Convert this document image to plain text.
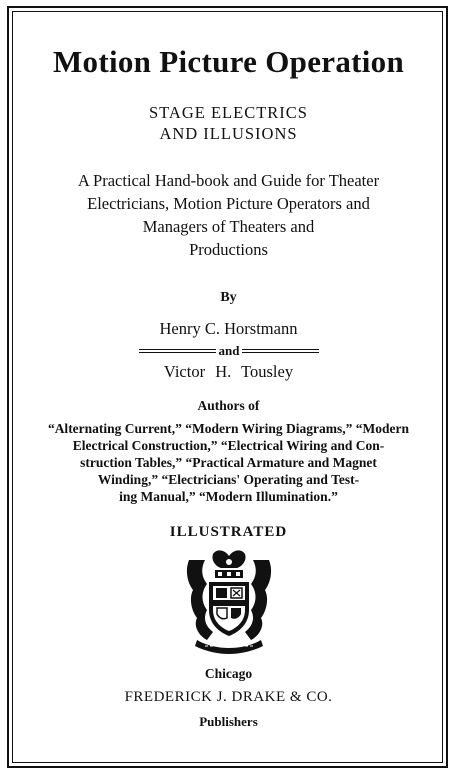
Motion Picture Operation
STAGE ELECTRICS
AND ILLUSIONS
A Practical Hand-book and Guide for Theater
Electricians, Motion Picture Operators and
Managers of Theaters and
Productions
By
Henry C. Horstmann
and
Victor H. Tousley
Authors of
“Alternating Current,” “Modern Wiring Diagrams,” “Modern
Electrical Construction,” “Electrical Wiring and Con-
struction Tables,” “Practical Armature and Magnet
Winding,” “Electricians' Operating and Test-
ing Manual,” “Modern Illumination.”
ILLUSTRATED
Chicago
FREDERICK J. DRAKE & CO.
Publishers
